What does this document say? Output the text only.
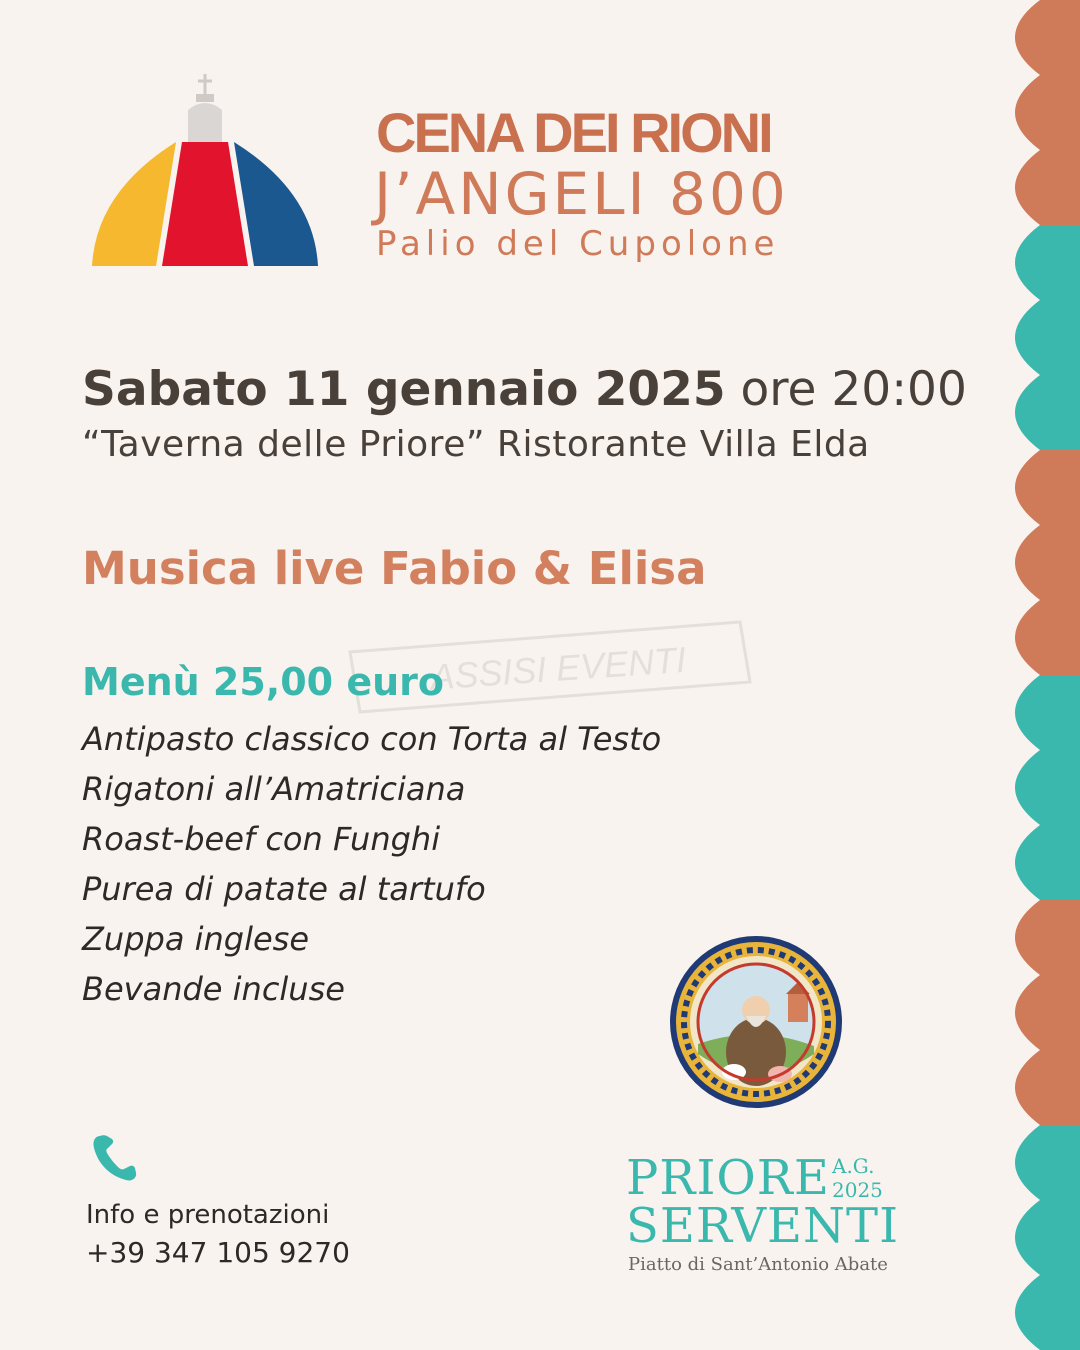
CENA DEI RIONI
J’ANGELI 800
Palio del Cupolone
Sabato 11 gennaio 2025 ore 20:00
“Taverna delle Priore” Ristorante Villa Elda
Musica live Fabio & Elisa
ASSISI EVENTI
Menù 25,00 euro
Antipasto classico con Torta al Testo
Rigatoni all’Amatriciana
Roast-beef con Funghi
Purea di patate al tartufo
Zuppa inglese
Bevande incluse
Info e prenotazioni
+39 347 105 9270
PRIORE A.G.
2025
SERVENTI
Piatto di Sant’Antonio Abate
